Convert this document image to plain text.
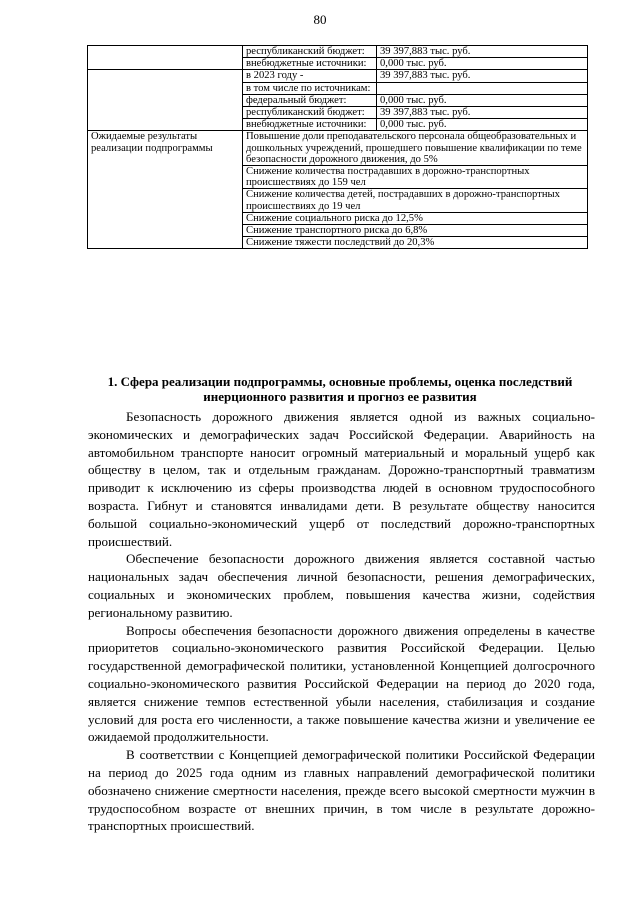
80
	республиканский бюджет:	39 397,883 тыс. руб.
	внебюджетные источники:	0,000 тыс. руб.
	в 2023 году -	39 397,883 тыс. руб.
	в том числе по источникам:	
	федеральный бюджет:	0,000 тыс. руб.
	республиканский бюджет:	39 397,883 тыс. руб.
	внебюджетные источники:	0,000 тыс. руб.
Ожидаемые результаты реализации подпрограммы	Повышение доли преподавательского персонала общеобразовательных и дошкольных учреждений, прошедшего повышение квалификации по теме безопасности дорожного движения, до 5%	
	Снижение количества пострадавших в дорожно-транспортных происшествиях до 159 чел	
	Снижение количества детей, пострадавших в дорожно-транспортных происшествиях до 19 чел	
	Снижение социального риска до 12,5%	
	Снижение транспортного риска до 6,8%	
	Снижение тяжести последствий до 20,3%	
1. Сфера реализации подпрограммы, основные проблемы, оценка последствий инерционного развития и прогноз ее развития

Безопасность дорожного движения является одной из важных социально-экономических и демографических задач Российской Федерации. Аварийность на автомобильном транспорте наносит огромный материальный и моральный ущерб как обществу в целом, так и отдельным гражданам. Дорожно-транспортный травматизм приводит к исключению из сферы производства людей в основном трудоспособного возраста. Гибнут и становятся инвалидами дети. В результате обществу наносится большой социально-экономический ущерб от последствий дорожно-транспортных происшествий.

Обеспечение безопасности дорожного движения является составной частью национальных задач обеспечения личной безопасности, решения демографических, социальных и экономических проблем, повышения качества жизни, содействия региональному развитию.

Вопросы обеспечения безопасности дорожного движения определены в качестве приоритетов социально-экономического развития Российской Федерации. Целью государственной демографической политики, установленной Концепцией долгосрочного социально-экономического развития Российской Федерации на период до 2020 года, является снижение темпов естественной убыли населения, стабилизация и создание условий для роста его численности, а также повышение качества жизни и увеличение ее ожидаемой продолжительности.

В соответствии с Концепцией демографической политики Российской Федерации на период до 2025 года одним из главных направлений демографической политики обозначено снижение смертности населения, прежде всего высокой смертности мужчин в трудоспособном возрасте от внешних причин, в том числе в результате дорожно-транспортных происшествий.
